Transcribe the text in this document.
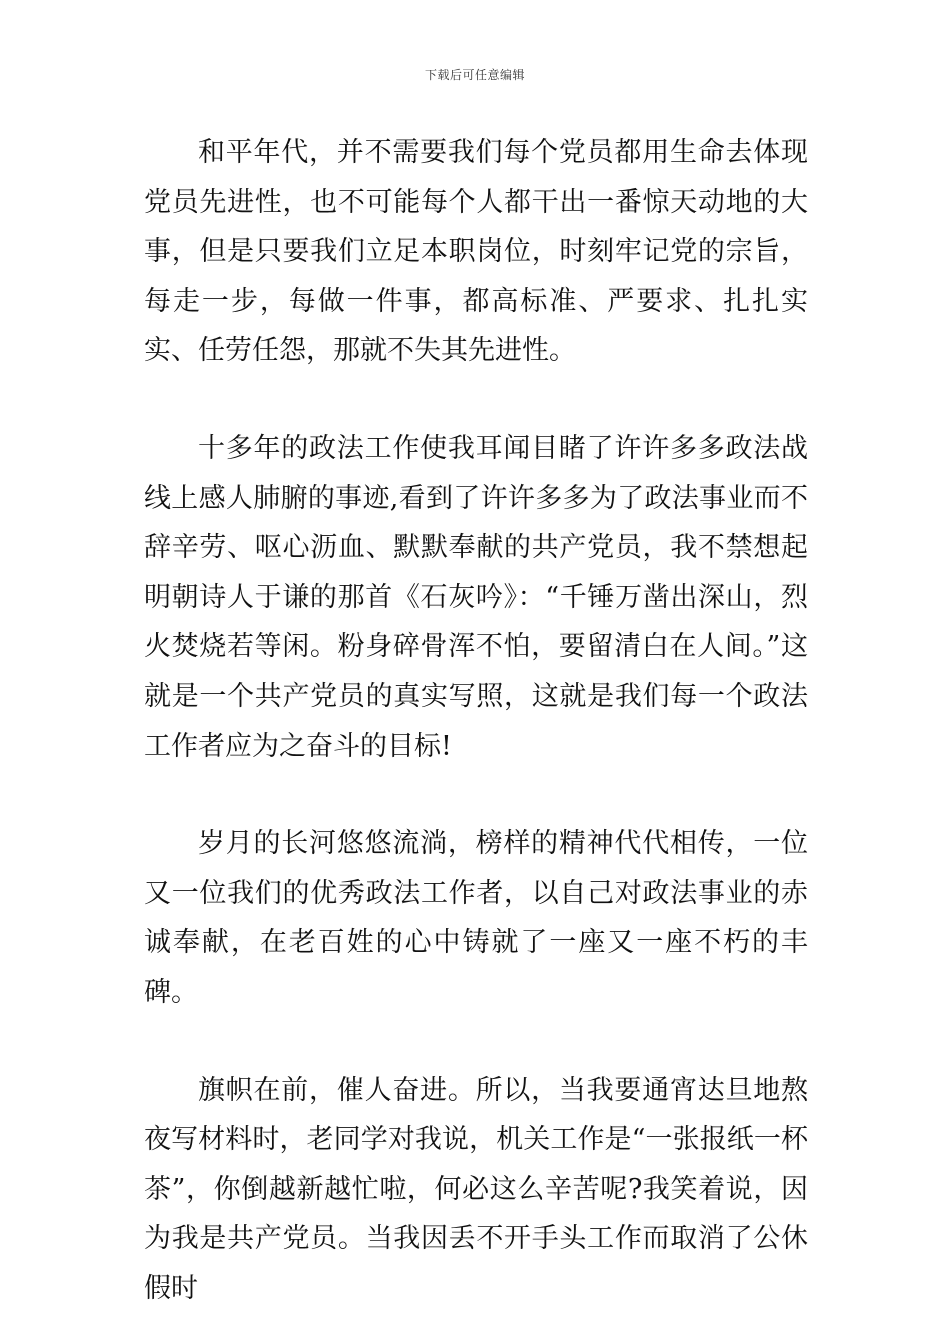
下载后可任意编辑

和平年代，并不需要我们每个党员都用生命去体现党员先进性，也不可能每个人都干出一番惊天动地的大事，但是只要我们立足本职岗位，时刻牢记党的宗旨，每走一步，每做一件事，都高标准、严要求、扎扎实实、任劳任怨，那就不失其先进性。

十多年的政法工作使我耳闻目睹了许许多多政法战线上感人肺腑的事迹,看到了许许多多为了政法事业而不辞辛劳、呕心沥血、默默奉献的共产党员，我不禁想起明朝诗人于谦的那首《石灰吟》：“千锤万凿出深山，烈火焚烧若等闲。粉身碎骨浑不怕，要留清白在人间。”这就是一个共产党员的真实写照，这就是我们每一个政法工作者应为之奋斗的目标!

岁月的长河悠悠流淌，榜样的精神代代相传，一位又一位我们的优秀政法工作者，以自己对政法事业的赤诚奉献，在老百姓的心中铸就了一座又一座不朽的丰碑。

旗帜在前，催人奋进。所以，当我要通宵达旦地熬夜写材料时，老同学对我说，机关工作是“一张报纸一杯茶”，你倒越新越忙啦，何必这么辛苦呢?我笑着说，因为我是共产党员。当我因丢不开手头工作而取消了公休假时
